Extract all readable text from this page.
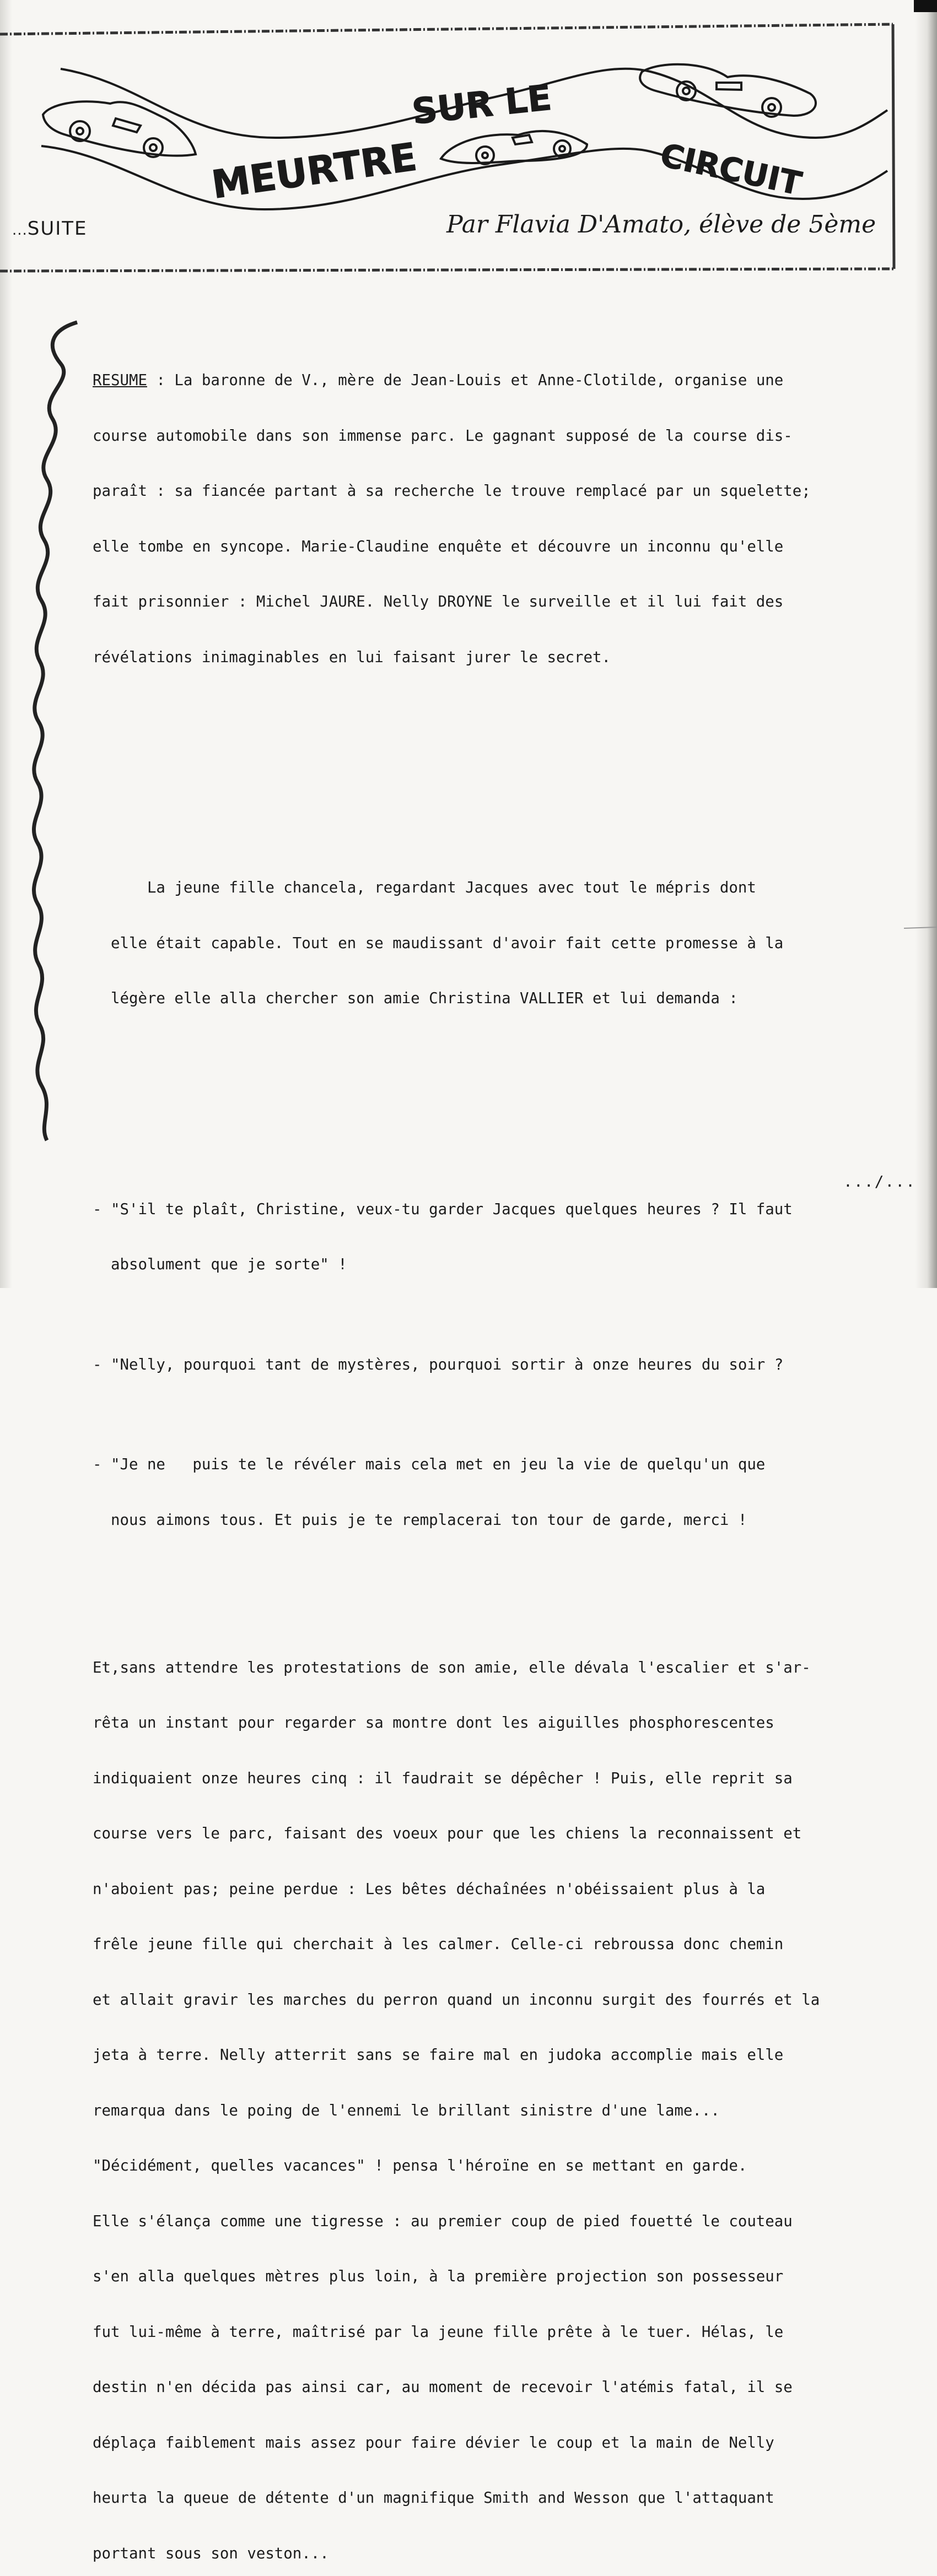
SUR LE
CIRCUIT
MEURTRE
...SUITE	Par Flavia D'Amato, élève de 5ème

RESUME : La baronne de V., mère de Jean-Louis et Anne-Clotilde, organise une

course automobile dans son immense parc. Le gagnant supposé de la course dis-

paraît : sa fiancée partant à sa recherche le trouve remplacé par un squelette;

elle tombe en syncope. Marie-Claudine enquête et découvre un inconnu qu'elle

fait prisonnier : Michel JAURE. Nelly DROYNE le surveille et il lui fait des

révélations inimaginables en lui faisant jurer le secret.

La jeune fille chancela, regardant Jacques avec tout le mépris dont

elle était capable. Tout en se maudissant d'avoir fait cette promesse à la

légère elle alla chercher son amie Christina VALLIER et lui demanda :

- "S'il te plaît, Christine, veux-tu garder Jacques quelques heures ? Il faut

absolument que je sorte" !

- "Nelly, pourquoi tant de mystères, pourquoi sortir à onze heures du soir ?

- "Je ne   puis te le révéler mais cela met en jeu la vie de quelqu'un que

nous aimons tous. Et puis je te remplacerai ton tour de garde, merci !

Et,sans attendre les protestations de son amie, elle dévala l'escalier et s'ar-

rêta un instant pour regarder sa montre dont les aiguilles phosphorescentes

indiquaient onze heures cinq : il faudrait se dépêcher ! Puis, elle reprit sa

course vers le parc, faisant des voeux pour que les chiens la reconnaissent et

n'aboient pas; peine perdue : Les bêtes déchaînées n'obéissaient plus à la

frêle jeune fille qui cherchait à les calmer. Celle-ci rebroussa donc chemin

et allait gravir les marches du perron quand un inconnu surgit des fourrés et la

jeta à terre. Nelly atterrit sans se faire mal en judoka accomplie mais elle

remarqua dans le poing de l'ennemi le brillant sinistre d'une lame...

"Décidément, quelles vacances" ! pensa l'héroïne en se mettant en garde.

Elle s'élança comme une tigresse : au premier coup de pied fouetté le couteau

s'en alla quelques mètres plus loin, à la première projection son possesseur

fut lui-même à terre, maîtrisé par la jeune fille prête à le tuer. Hélas, le

destin n'en décida pas ainsi car, au moment de recevoir l'atémis fatal, il se

déplaça faiblement mais assez pour faire dévier le coup et la main de Nelly

heurta la queue de détente d'un magnifique Smith and Wesson que l'attaquant

portant sous son veston...

.../...
